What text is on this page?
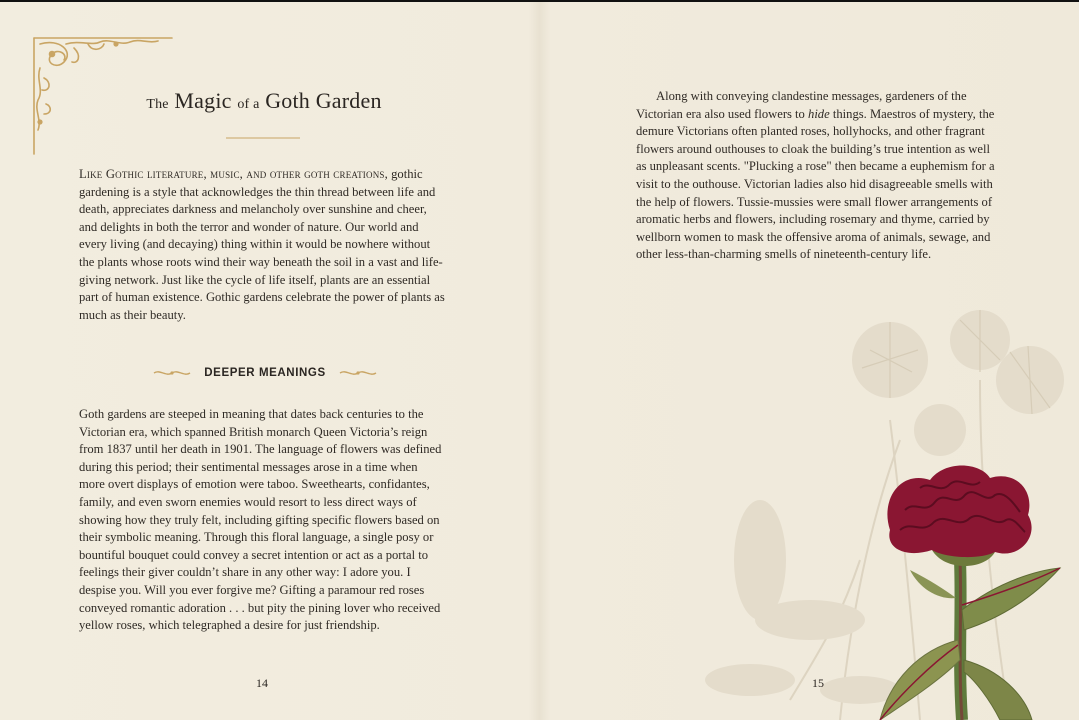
The Magic of a Goth Garden

Like Gothic literature, music, and other goth creations, gothic gardening is a style that acknowledges the thin thread between life and death, appreciates darkness and melancholy over sunshine and cheer, and delights in both the terror and wonder of nature. Our world and every living (and decaying) thing within it would be nowhere without the plants whose roots wind their way beneath the soil in a vast and life-giving network. Just like the cycle of life itself, plants are an essential part of human existence. Gothic gardens celebrate the power of plants as much as their beauty.

DEEPER MEANINGS

Goth gardens are steeped in meaning that dates back centuries to the Victorian era, which spanned British monarch Queen Victoria’s reign from 1837 until her death in 1901. The language of flowers was defined during this period; their sentimental messages arose in a time when more overt displays of emotion were taboo. Sweethearts, confidantes, family, and even sworn enemies would resort to less direct ways of showing how they truly felt, including gifting specific flowers based on their symbolic meaning. Through this floral language, a single posy or bountiful bouquet could convey a secret intention or act as a portal to feelings their giver couldn’t share in any other way: I adore you. I despise you. Will you ever forgive me? Gifting a paramour red roses conveyed romantic adoration . . . but pity the pining lover who received yellow roses, which telegraphed a desire for just friendship.

14

Along with conveying clandestine messages, gardeners of the Victorian era also used flowers to hide things. Maestros of mystery, the demure Victorians often planted roses, hollyhocks, and other fragrant flowers around outhouses to cloak the building’s true intention as well as unpleasant scents. "Plucking a rose" then became a euphemism for a visit to the outhouse. Victorian ladies also hid disagreeable smells with the help of flowers. Tussie-mussies were small flower arrangements of aromatic herbs and flowers, including rosemary and thyme, carried by wellborn women to mask the offensive aroma of animals, sewage, and other less-than-charming smells of nineteenth-century life.

15
